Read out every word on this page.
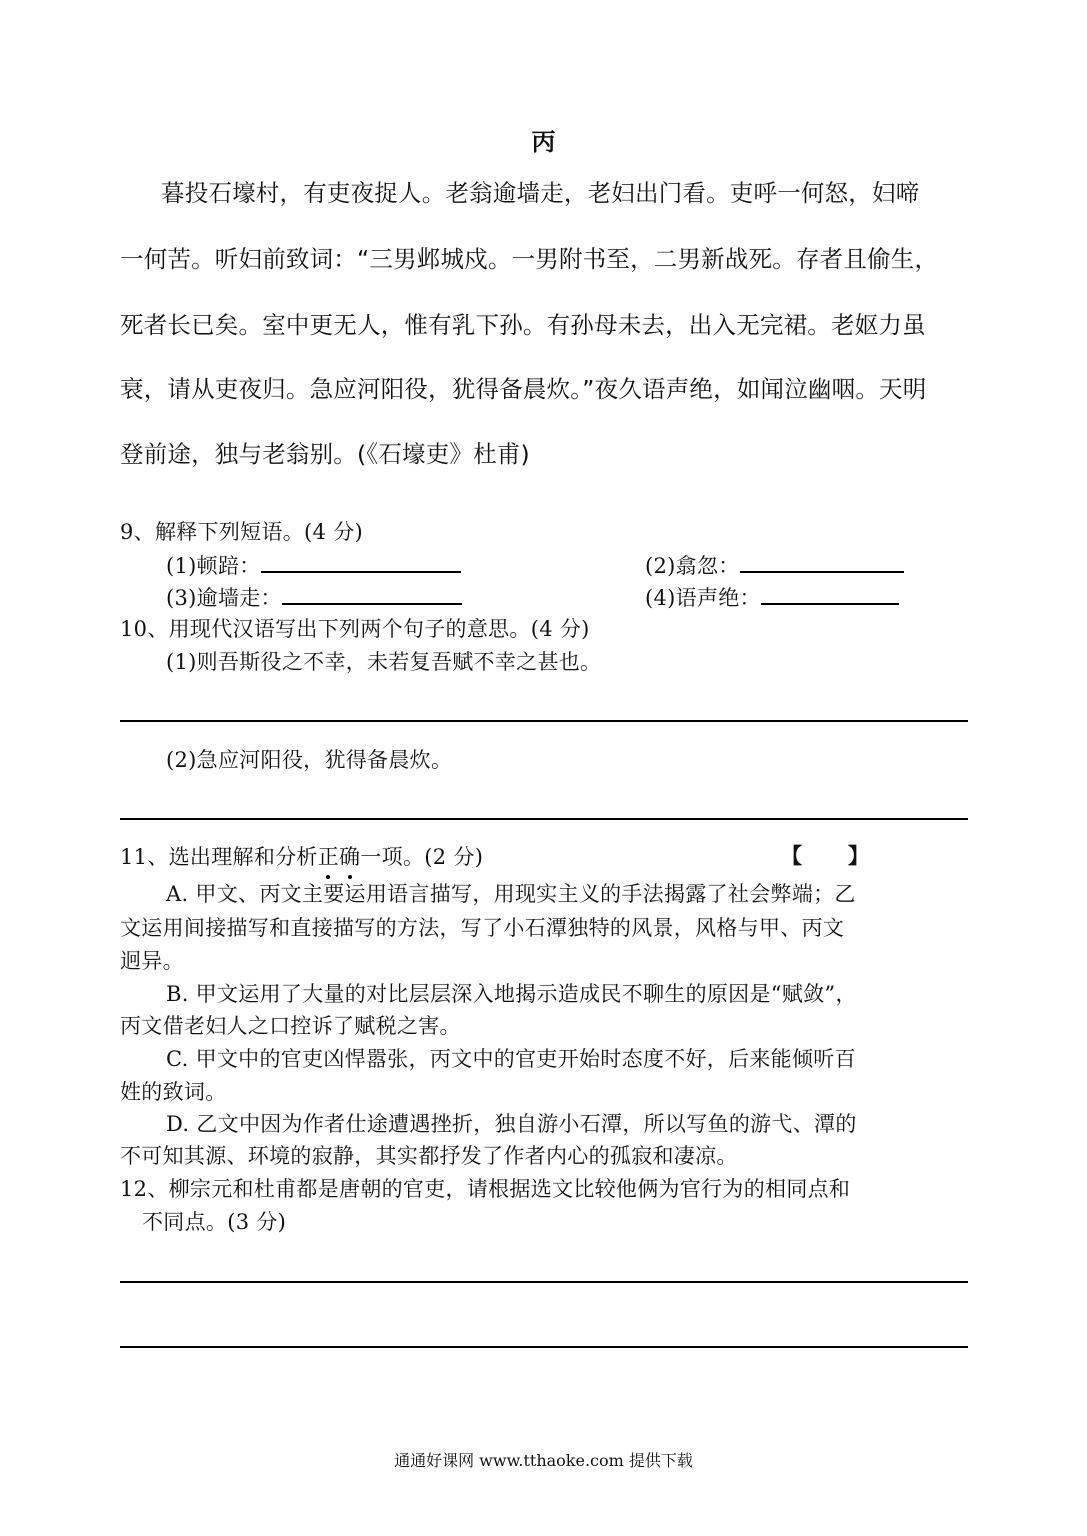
丙
暮投石壕村，有吏夜捉人。老翁逾墙走，老妇出门看。吏呼一何怒，妇啼
一何苦。听妇前致词：“三男邺城戍。一男附书至，二男新战死。存者且偷生，
死者长已矣。室中更无人，惟有乳下孙。有孙母未去，出入无完裙。老妪力虽
衰，请从吏夜归。急应河阳役，犹得备晨炊。”夜久语声绝，如闻泣幽咽。天明
登前途，独与老翁别。(《石壕吏》杜甫)
9、解释下列短语。(4 分)
(1)顿踣：	(2)翕忽：
(3)逾墙走：	(4)语声绝：
10、用现代汉语写出下列两个句子的意思。(4 分)
(1)则吾斯役之不幸，未若复吾赋不幸之甚也。
(2)急应河阳役，犹得备晨炊。
11、选出理解和分析正确一项。(2 分)	【 】
A. 甲文、丙文主要运用语言描写，用现实主义的手法揭露了社会弊端；乙
文运用间接描写和直接描写的方法，写了小石潭独特的风景，风格与甲、丙文
迥异。
B. 甲文运用了大量的对比层层深入地揭示造成民不聊生的原因是“赋敛”，
丙文借老妇人之口控诉了赋税之害。
C. 甲文中的官吏凶悍嚣张，丙文中的官吏开始时态度不好，后来能倾听百
姓的致词。
D. 乙文中因为作者仕途遭遇挫折，独自游小石潭，所以写鱼的游弋、潭的
不可知其源、环境的寂静，其实都抒发了作者内心的孤寂和凄凉。
12、柳宗元和杜甫都是唐朝的官吏，请根据选文比较他俩为官行为的相同点和
不同点。(3 分)
通通好课网 www.tthaoke.com 提供下载
